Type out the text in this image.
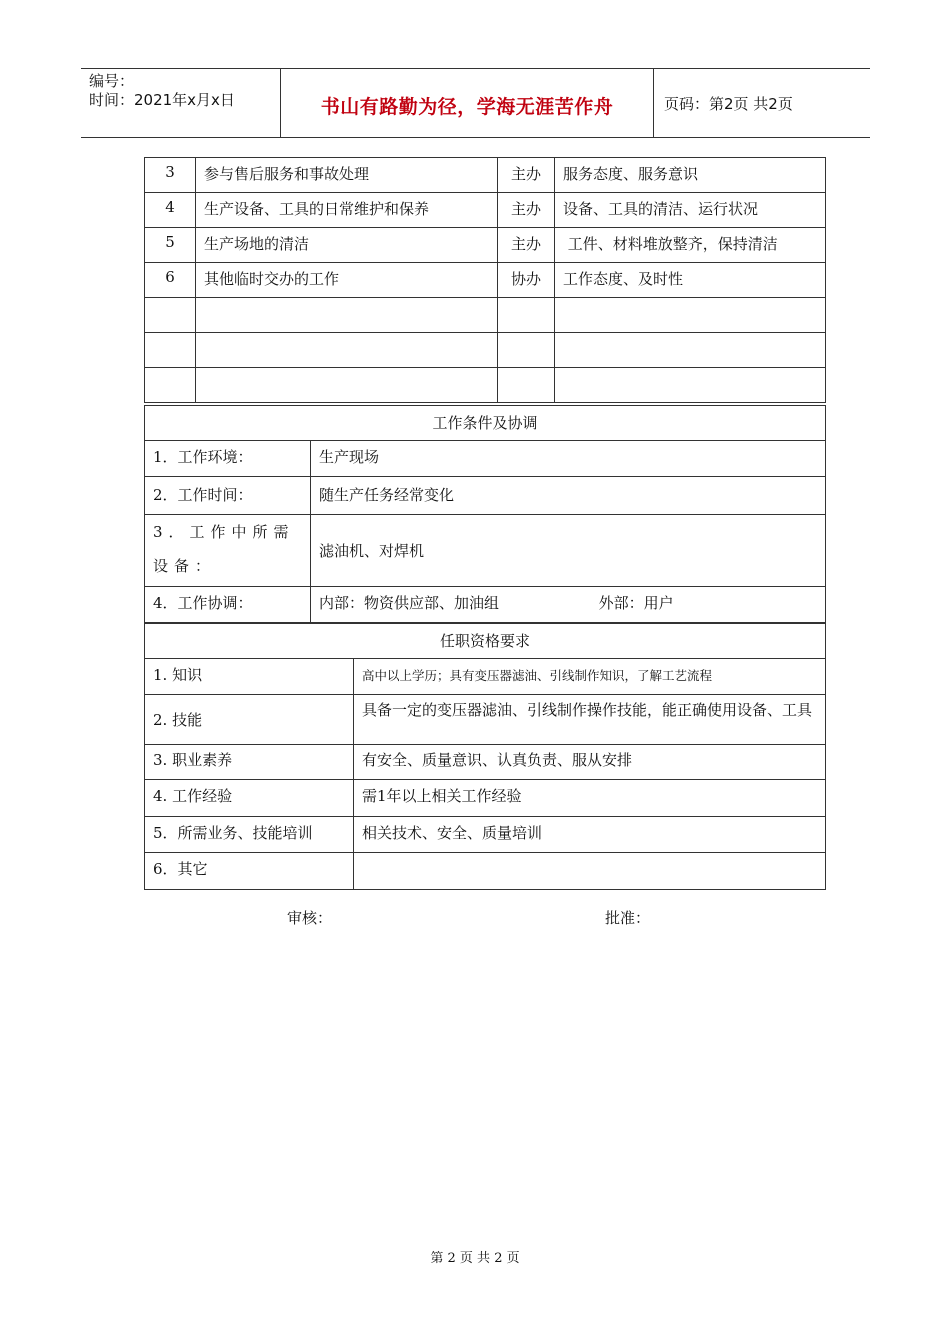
编号：
时间：2021年x月x日	书山有路勤为径，学海无涯苦作舟	页码：第2页 共2页
3	参与售后服务和事故处理	主办	服务态度、服务意识
4	生产设备、工具的日常维护和保养	主办	设备、工具的清洁、运行状况
5	生产场地的清洁	主办	工件、材料堆放整齐，保持清洁
6	其他临时交办的工作	协办	工作态度、及时性

工作条件及协调	
1．工作环境：	生产现场
2．工作时间：	随生产任务经常变化
3．工作中所需设备：	滤油机、对焊机
4．工作协调：	内部：物资供应部、加油组 外部：用户
任职资格要求	
1. 知识	高中以上学历；具有变压器滤油、引线制作知识，了解工艺流程
2. 技能	具备一定的变压器滤油、引线制作操作技能，能正确使用设备、工具
3. 职业素养	有安全、质量意识、认真负责、服从安排
4. 工作经验	需1年以上相关工作经验
5．所需业务、技能培训	相关技术、安全、质量培训
6．其它	
审核：	批准：
第 2 页 共 2 页
